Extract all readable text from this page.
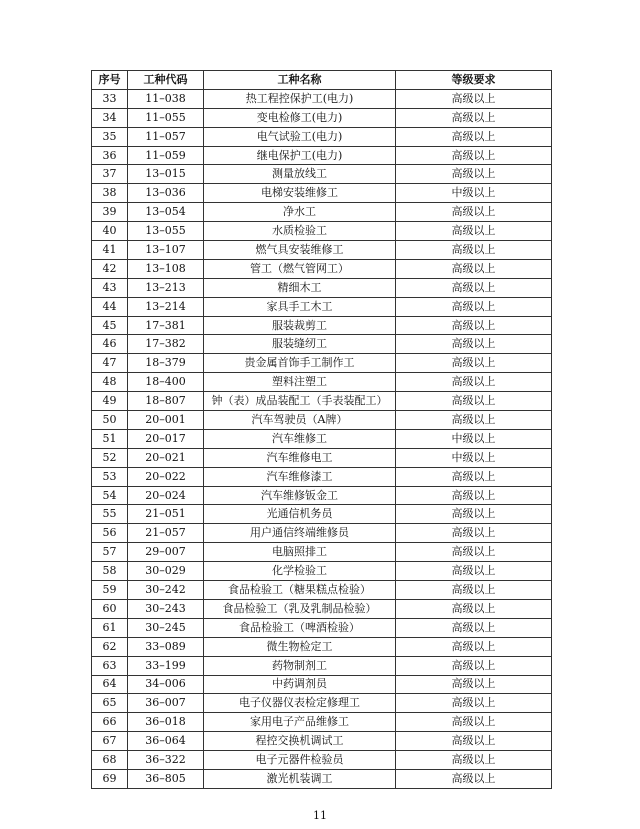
序号	工种代码	工种名称	等级要求
33	11–038	热工程控保护工(电力)	高级以上
34	11–055	变电检修工(电力)	高级以上
35	11–057	电气试验工(电力)	高级以上
36	11–059	继电保护工(电力)	高级以上
37	13–015	测量放线工	高级以上
38	13–036	电梯安装维修工	中级以上
39	13–054	净水工	高级以上
40	13–055	水质检验工	高级以上
41	13–107	燃气具安装维修工	高级以上
42	13–108	管工（燃气管网工）	高级以上
43	13–213	精细木工	高级以上
44	13–214	家具手工木工	高级以上
45	17–381	服装裁剪工	高级以上
46	17–382	服装缝纫工	高级以上
47	18–379	贵金属首饰手工制作工	高级以上
48	18–400	塑料注塑工	高级以上
49	18–807	钟（表）成品装配工（手表装配工）	高级以上
50	20–001	汽车驾驶员（A牌）	高级以上
51	20–017	汽车维修工	中级以上
52	20–021	汽车维修电工	中级以上
53	20–022	汽车维修漆工	高级以上
54	20–024	汽车维修钣金工	高级以上
55	21–051	光通信机务员	高级以上
56	21–057	用户通信终端维修员	高级以上
57	29–007	电脑照排工	高级以上
58	30–029	化学检验工	高级以上
59	30–242	食品检验工（糖果糕点检验）	高级以上
60	30–243	食品检验工（乳及乳制品检验）	高级以上
61	30–245	食品检验工（啤酒检验）	高级以上
62	33–089	微生物检定工	高级以上
63	33–199	药物制剂工	高级以上
64	34–006	中药调剂员	高级以上
65	36–007	电子仪器仪表检定修理工	高级以上
66	36–018	家用电子产品维修工	高级以上
67	36–064	程控交换机调试工	高级以上
68	36–322	电子元器件检验员	高级以上
69	36–805	激光机装调工	高级以上
11
